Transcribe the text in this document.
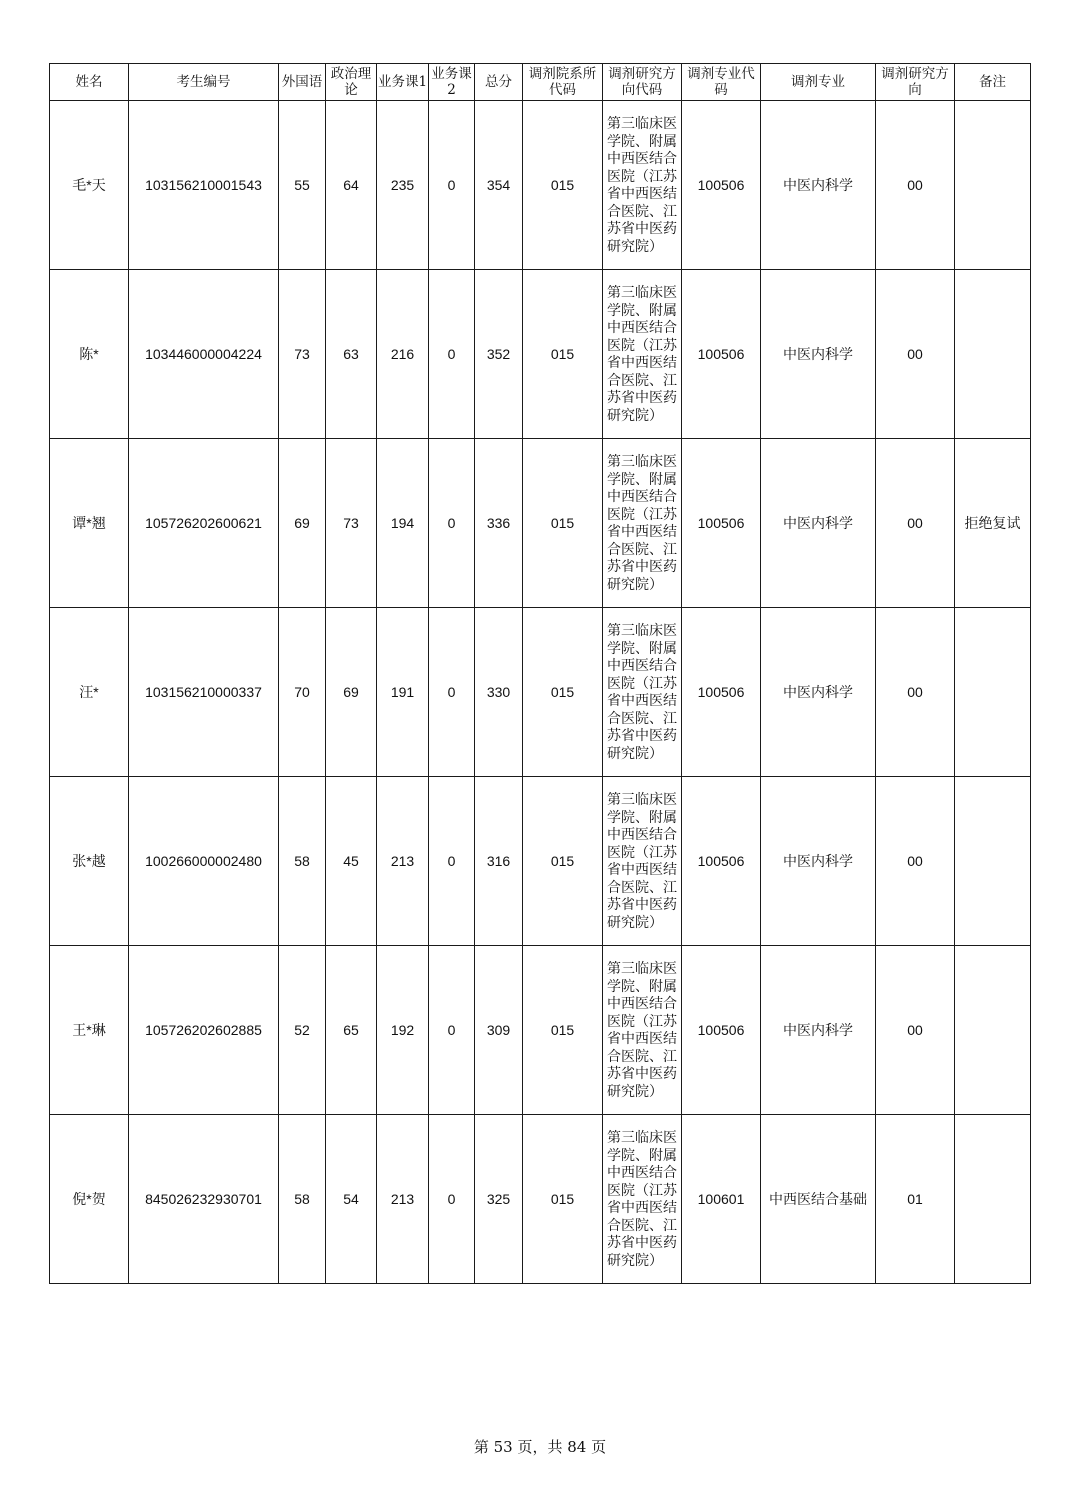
姓名	考生编号	外国语	政治理论	业务课1	业务课2	总分	调剂院系所代码	调剂研究方向代码	调剂专业代码	调剂专业	调剂研究方向	备注
毛*天	103156210001543	55	64	235	0	354	015	第三临床医学院、附属中西医结合医院（江苏省中西医结合医院、江苏省中医药研究院）	100506	中医内科学	00	
陈*	103446000004224	73	63	216	0	352	015	第三临床医学院、附属中西医结合医院（江苏省中西医结合医院、江苏省中医药研究院）	100506	中医内科学	00	
谭*翘	105726202600621	69	73	194	0	336	015	第三临床医学院、附属中西医结合医院（江苏省中西医结合医院、江苏省中医药研究院）	100506	中医内科学	00	拒绝复试
汪*	103156210000337	70	69	191	0	330	015	第三临床医学院、附属中西医结合医院（江苏省中西医结合医院、江苏省中医药研究院）	100506	中医内科学	00	
张*越	100266000002480	58	45	213	0	316	015	第三临床医学院、附属中西医结合医院（江苏省中西医结合医院、江苏省中医药研究院）	100506	中医内科学	00	
王*琳	105726202602885	52	65	192	0	309	015	第三临床医学院、附属中西医结合医院（江苏省中西医结合医院、江苏省中医药研究院）	100506	中医内科学	00	
倪*贺	845026232930701	58	54	213	0	325	015	第三临床医学院、附属中西医结合医院（江苏省中西医结合医院、江苏省中医药研究院）	100601	中西医结合基础	01	
第 53 页，共 84 页
